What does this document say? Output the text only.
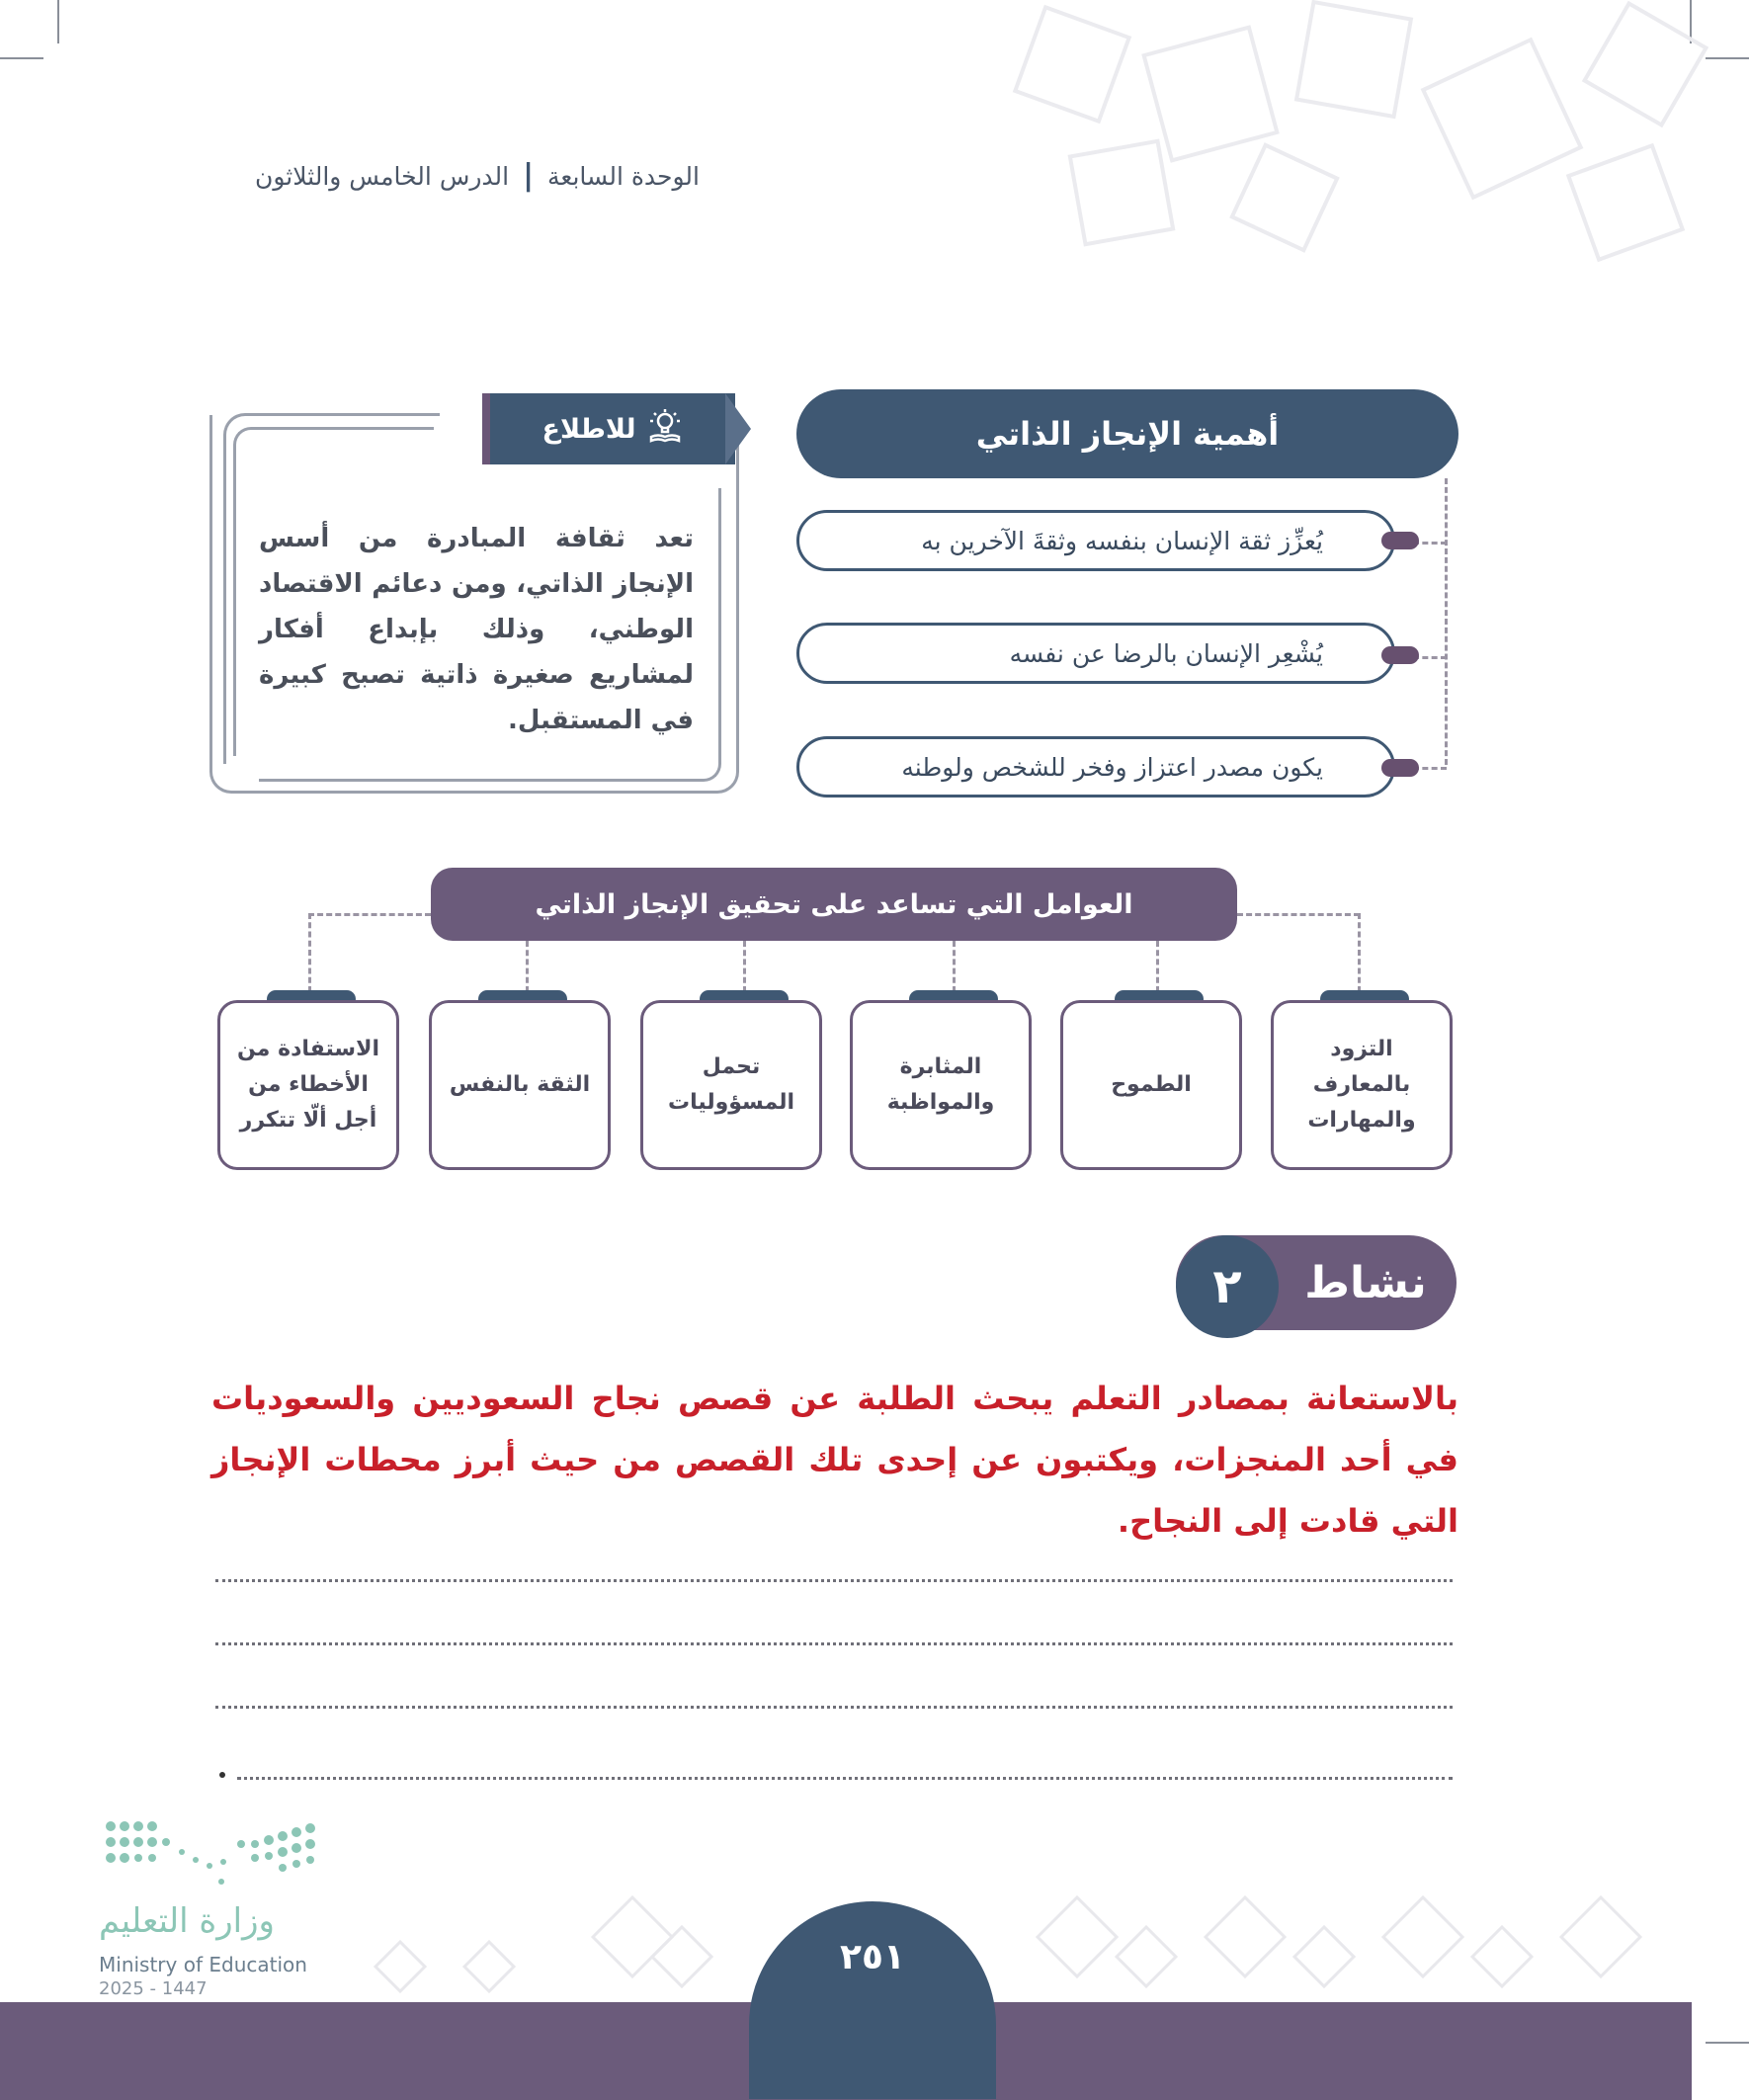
الوحدة السابعة | الدرس الخامس والثلاثون
أهمية الإنجاز الذاتي
يُعزِّز ثقة الإنسان بنفسه وثقةَ الآخرين به
يُشْعِر الإنسان بالرضا عن نفسه
يكون مصدر اعتزاز وفخر للشخص ولوطنه
للاطلاع
تعد ثقافة المبادرة من أسس الإنجاز الذاتي، ومن دعائم الاقتصاد الوطني، وذلك بإبداع أفكار لمشاريع صغيرة ذاتية تصبح كبيرة في المستقبل.
العوامل التي تساعد على تحقيق الإنجاز الذاتي
التزود بالمعارف والمهارات
الطموح
المثابرة والمواظبة
تحمل المسؤوليات
الثقة بالنفس
الاستفادة من الأخطاء من أجل ألّا تتكرر
نشاط
٢
بالاستعانة بمصادر التعلم يبحث الطلبة عن قصص نجاح السعوديين والسعوديات في أحد المنجزات، ويكتبون عن إحدى تلك القصص من حيث أبرز محطات الإنجاز التي قادت إلى النجاح.
وزارة التعليم
Ministry of Education
2025 - 1447
٢٥١
